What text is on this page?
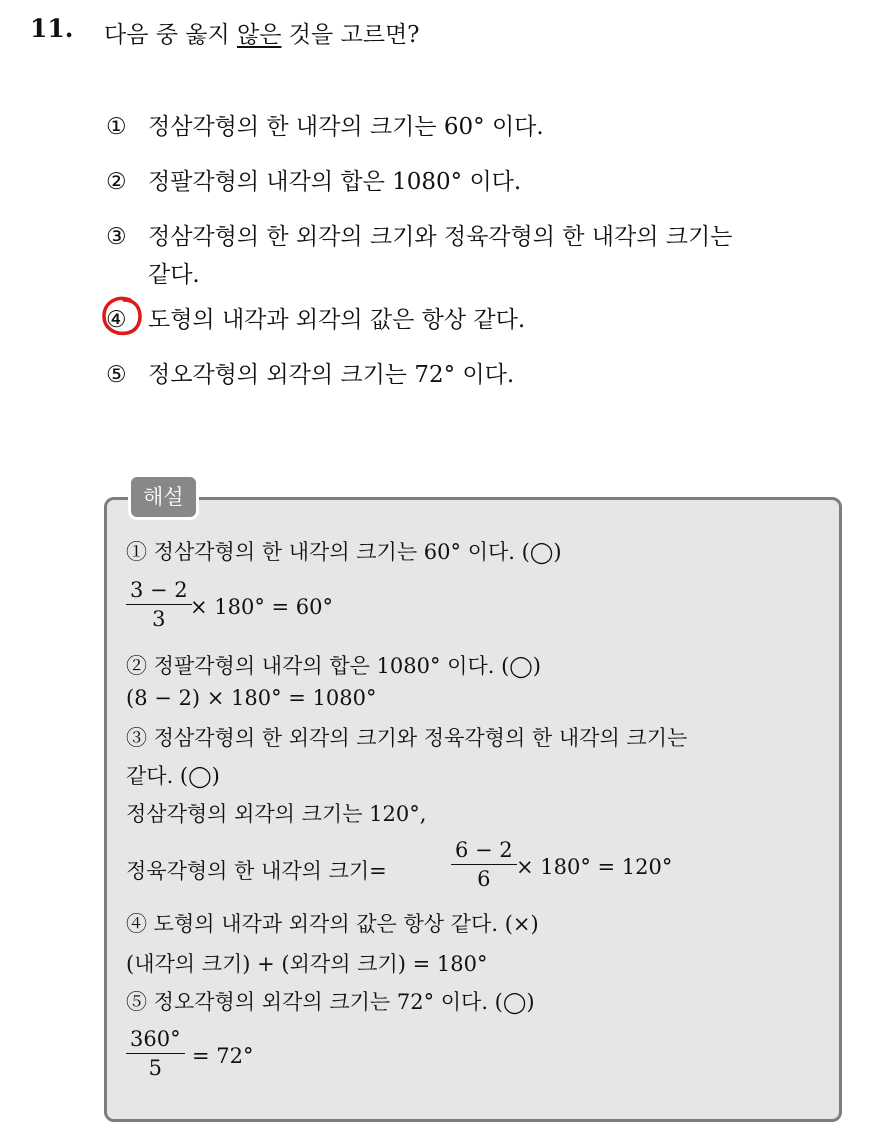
11. 다음 중 옳지 않은 것을 고르면?
① 정삼각형의 한 내각의 크기는 60° 이다.
② 정팔각형의 내각의 합은 1080° 이다.
③ 정삼각형의 한 외각의 크기와 정육각형의 한 내각의 크기는
같다.
④ 도형의 내각과 외각의 값은 항상 같다.
⑤ 정오각형의 외각의 크기는 72° 이다.
해설
① 정삼각형의 한 내각의 크기는 60° 이다. (◯)
$\frac{3 - 2}{3}$
× 180° = 60°
② 정팔각형의 내각의 합은 1080° 이다. (◯)
(8 − 2) × 180° = 1080°
③ 정삼각형의 한 외각의 크기와 정육각형의 한 내각의 크기는
같다. (◯)
정삼각형의 외각의 크기는 120°,
정육각형의 한 내각의 크기=	$\frac{6 - 2}{6} \times 180^\circ = 120^\circ$
④ 도형의 내각과 외각의 값은 항상 같다. (×)
(내각의 크기) + (외각의 크기) = 180°
⑤ 정오각형의 외각의 크기는 72° 이다. (◯)
$\frac{360^\circ}{5} = 72^\circ$
